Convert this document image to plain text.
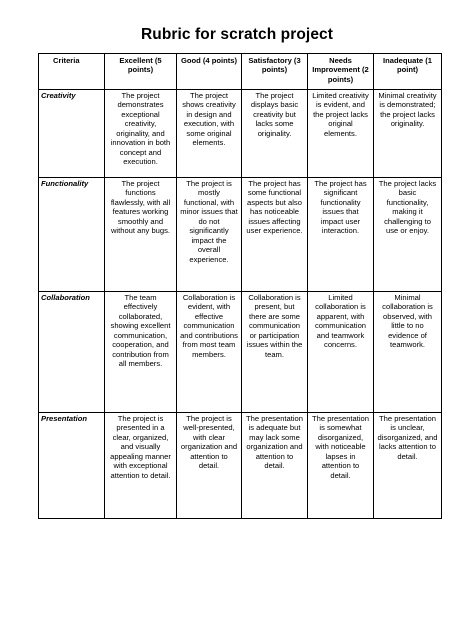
Rubric for scratch project
Criteria	Excellent (5 points)	Good (4 points)	Satisfactory (3 points)	Needs Improvement (2 points)	Inadequate (1 point)
Creativity	The project demonstrates exceptional creativity, originality, and innovation in both concept and execution.	The project shows creativity in design and execution, with some original elements.	The project displays basic creativity but lacks some originality.	Limited creativity is evident, and the project lacks original elements.	Minimal creativity is demonstrated; the project lacks originality.
Functionality	The project functions flawlessly, with all features working smoothly and without any bugs.	The project is mostly functional, with minor issues that do not significantly impact the overall experience.	The project has some functional aspects but also has noticeable issues affecting user experience.	The project has significant functionality issues that impact user interaction.	The project lacks basic functionality, making it challenging to use or enjoy.
Collaboration	The team effectively collaborated, showing excellent communication, cooperation, and contribution from all members.	Collaboration is evident, with effective communication and contributions from most team members.	Collaboration is present, but there are some communication or participation issues within the team.	Limited collaboration is apparent, with communication and teamwork concerns.	Minimal collaboration is observed, with little to no evidence of teamwork.
Presentation	The project is presented in a clear, organized, and visually appealing manner with exceptional attention to detail.	The project is well-presented, with clear organization and attention to detail.	The presentation is adequate but may lack some organization and attention to detail.	The presentation is somewhat disorganized, with noticeable lapses in attention to detail.	The presentation is unclear, disorganized, and lacks attention to detail.
